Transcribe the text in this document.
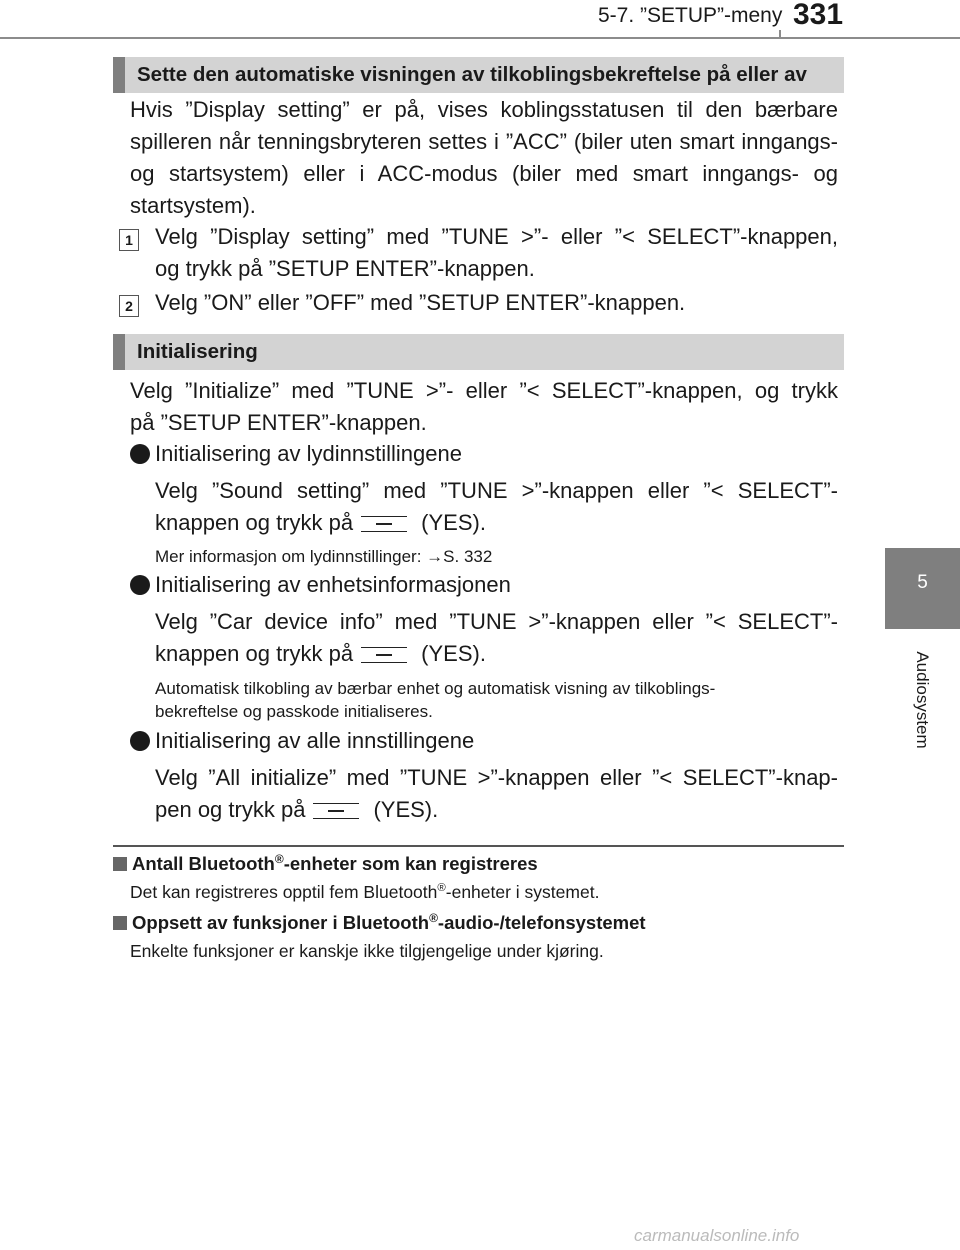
5-7. ”SETUP”-meny 331
5
Audiosystem
Sette den automatiske visningen av tilkoblingsbekreftelse på eller av
Hvis ”Display setting” er på, vises koblingsstatusen til den bærbare spilleren når tenningsbryteren settes i ”ACC” (biler uten smart inngangs- og startsystem) eller i ACC-modus (biler med smart inngangs- og startsystem).
1 Velg ”Display setting” med ”TUNE >”- eller ”< SELECT”-knappen,
og trykk på ”SETUP ENTER”-knappen.
2 Velg ”ON” eller ”OFF” med ”SETUP ENTER”-knappen.
Initialisering
Velg ”Initialize” med ”TUNE >”- eller ”< SELECT”-knappen, og trykk
på ”SETUP ENTER”-knappen.
Initialisering av lydinnstillingene
Velg ”Sound setting” med ”TUNE >”-knappen eller ”< SELECT”-
knappen og trykk på	(YES).
Mer informasjon om lydinnstillinger: →S. 332
Initialisering av enhetsinformasjonen
Velg ”Car device info” med ”TUNE >”-knappen eller ”< SELECT”-
knappen og trykk på	(YES).
Automatisk tilkobling av bærbar enhet og automatisk visning av tilkoblings-
bekreftelse og passkode initialiseres.
Initialisering av alle innstillingene
Velg ”All initialize” med ”TUNE >”-knappen eller ”< SELECT”-knap-
pen og trykk på	(YES).
Antall Bluetooth®-enheter som kan registreres
Det kan registreres opptil fem Bluetooth®-enheter i systemet.
Oppsett av funksjoner i Bluetooth®-audio-/telefonsystemet
Enkelte funksjoner er kanskje ikke tilgjengelige under kjøring.
carmanualsonline.info
